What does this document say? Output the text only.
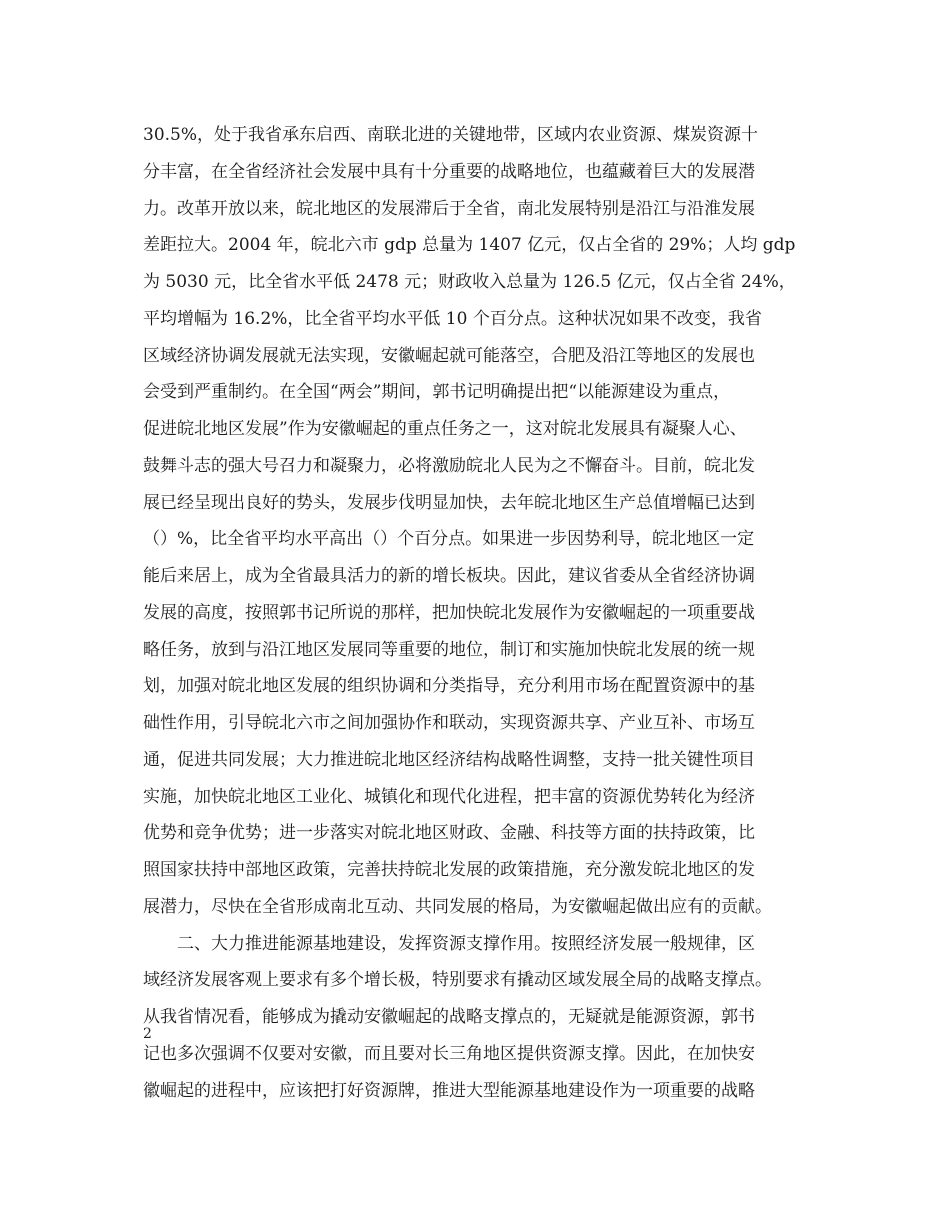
30.5%，处于我省承东启西、南联北进的关键地带，区域内农业资源、煤炭资源十
分丰富，在全省经济社会发展中具有十分重要的战略地位，也蕴藏着巨大的发展潜
力。改革开放以来，皖北地区的发展滞后于全省，南北发展特别是沿江与沿淮发展
差距拉大。2004 年，皖北六市 gdp 总量为 1407 亿元，仅占全省的 29%；人均 gdp
为 5030 元，比全省水平低 2478 元；财政收入总量为 126.5 亿元，仅占全省 24%，
平均增幅为 16.2%，比全省平均水平低 10 个百分点。这种状况如果不改变，我省
区域经济协调发展就无法实现，安徽崛起就可能落空，合肥及沿江等地区的发展也
会受到严重制约。在全国“两会”期间，郭书记明确提出把“以能源建设为重点，
促进皖北地区发展”作为安徽崛起的重点任务之一，这对皖北发展具有凝聚人心、
鼓舞斗志的强大号召力和凝聚力，必将激励皖北人民为之不懈奋斗。目前，皖北发
展已经呈现出良好的势头，发展步伐明显加快，去年皖北地区生产总值增幅已达到
（）%，比全省平均水平高出（）个百分点。如果进一步因势利导，皖北地区一定
能后来居上，成为全省最具活力的新的增长板块。因此，建议省委从全省经济协调
发展的高度，按照郭书记所说的那样，把加快皖北发展作为安徽崛起的一项重要战
略任务，放到与沿江地区发展同等重要的地位，制订和实施加快皖北发展的统一规
划，加强对皖北地区发展的组织协调和分类指导，充分利用市场在配置资源中的基
础性作用，引导皖北六市之间加强协作和联动，实现资源共享、产业互补、市场互
通，促进共同发展；大力推进皖北地区经济结构战略性调整，支持一批关键性项目
实施，加快皖北地区工业化、城镇化和现代化进程，把丰富的资源优势转化为经济
优势和竞争优势；进一步落实对皖北地区财政、金融、科技等方面的扶持政策，比
照国家扶持中部地区政策，完善扶持皖北发展的政策措施，充分激发皖北地区的发
展潜力，尽快在全省形成南北互动、共同发展的格局，为安徽崛起做出应有的贡献。
二、大力推进能源基地建设，发挥资源支撑作用。按照经济发展一般规律，区
域经济发展客观上要求有多个增长极，特别要求有撬动区域发展全局的战略支撑点。
从我省情况看，能够成为撬动安徽崛起的战略支撑点的，无疑就是能源资源，郭书
记也多次强调不仅要对安徽，而且要对长三角地区提供资源支撑。因此，在加快安
徽崛起的进程中，应该把打好资源牌，推进大型能源基地建设作为一项重要的战略
2
